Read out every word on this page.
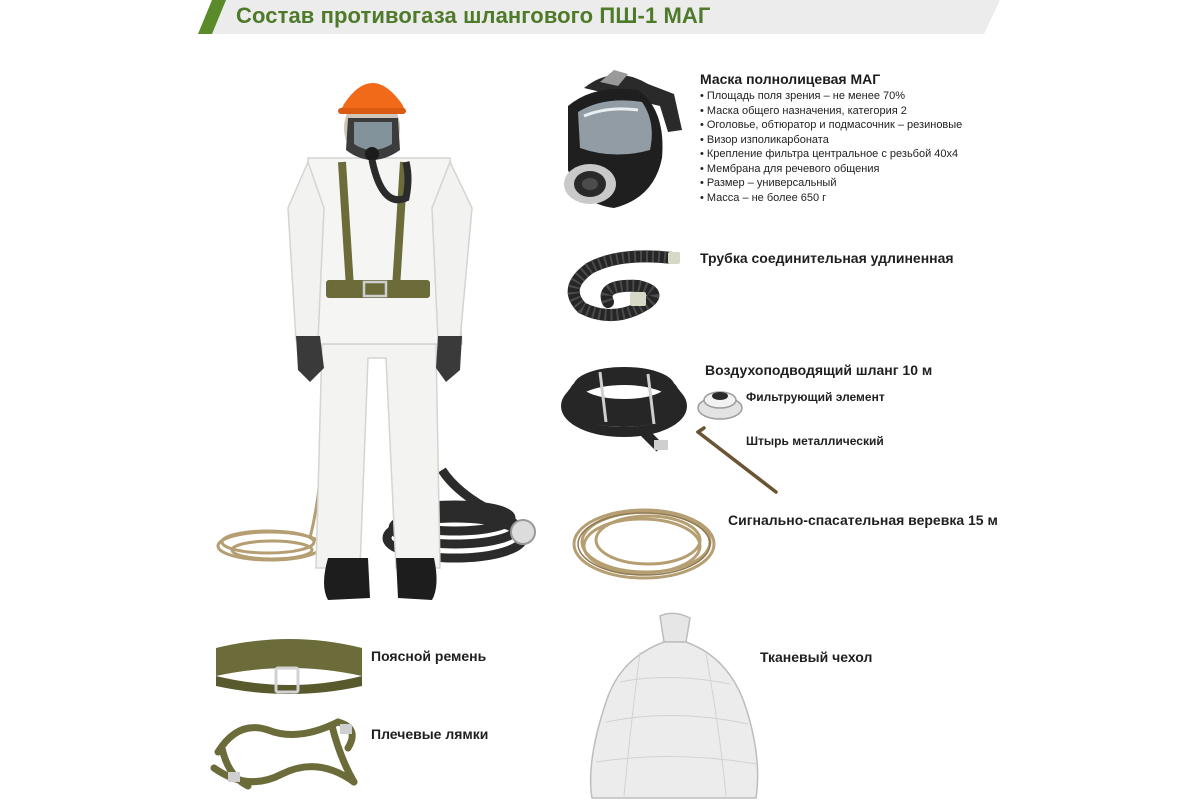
Состав противогаза шлангового ПШ-1 МАГ
Маска полнолицевая МАГ
• Площадь поля зрения – не менее 70%
• Маска общего назначения, категория 2
• Оголовье, обтюратор и подмасочник – резиновые
• Визор изполикарбоната
• Крепление фильтра центральное с резьбой 40х4
• Мембрана для речевого общения
• Размер – универсальный
• Масса – не более 650 г
Трубка соединительная удлиненная
Воздухоподводящий шланг 10 м
Фильтрующий элемент
Штырь металлический
Сигнально-спасательная веревка 15 м
Поясной ремень
Плечевые лямки
Тканевый чехол
